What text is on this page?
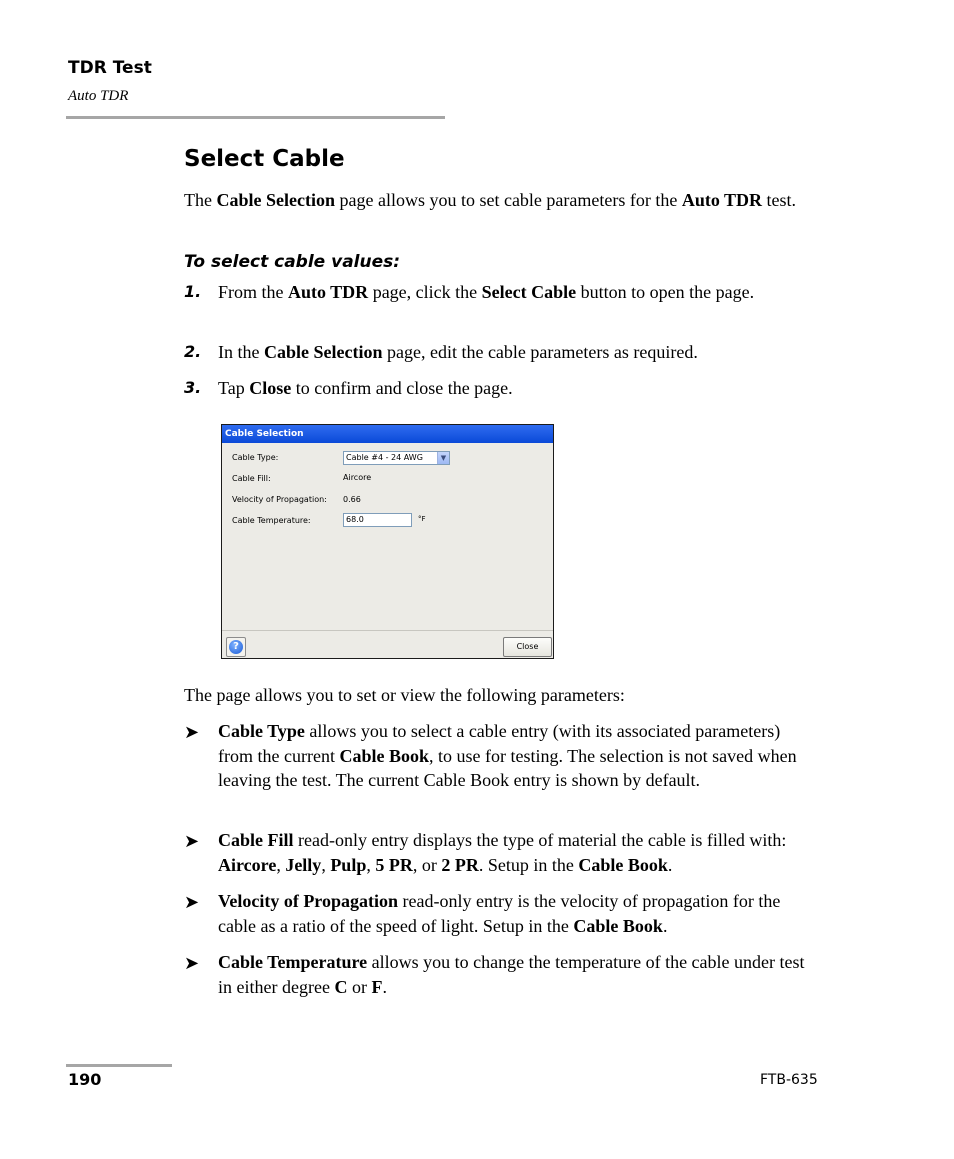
TDR Test
Auto TDR
Select Cable
The Cable Selection page allows you to set cable parameters for the Auto TDR test.
To select cable values:
1. From the Auto TDR page, click the Select Cable button to open the page.
2. In the Cable Selection page, edit the cable parameters as required.
3. Tap Close to confirm and close the page.
Cable Selection
Cable Type:	Cable #4 - 24 AWG	▼
Cable Fill:	Aircore
Velocity of Propagation: 0.66
Cable Temperature:	68.0	°F
?	Close
The page allows you to set or view the following parameters:
➤ Cable Type allows you to select a cable entry (with its associated parameters) from the current Cable Book, to use for testing. The selection is not saved when leaving the test. The current Cable Book entry is shown by default.
➤ Cable Fill read-only entry displays the type of material the cable is filled with: Aircore, Jelly, Pulp, 5 PR, or 2 PR. Setup in the Cable Book.
➤ Velocity of Propagation read-only entry is the velocity of propagation for the cable as a ratio of the speed of light. Setup in the Cable Book.
➤ Cable Temperature allows you to change the temperature of the cable under test in either degree C or F.
190	FTB-635
